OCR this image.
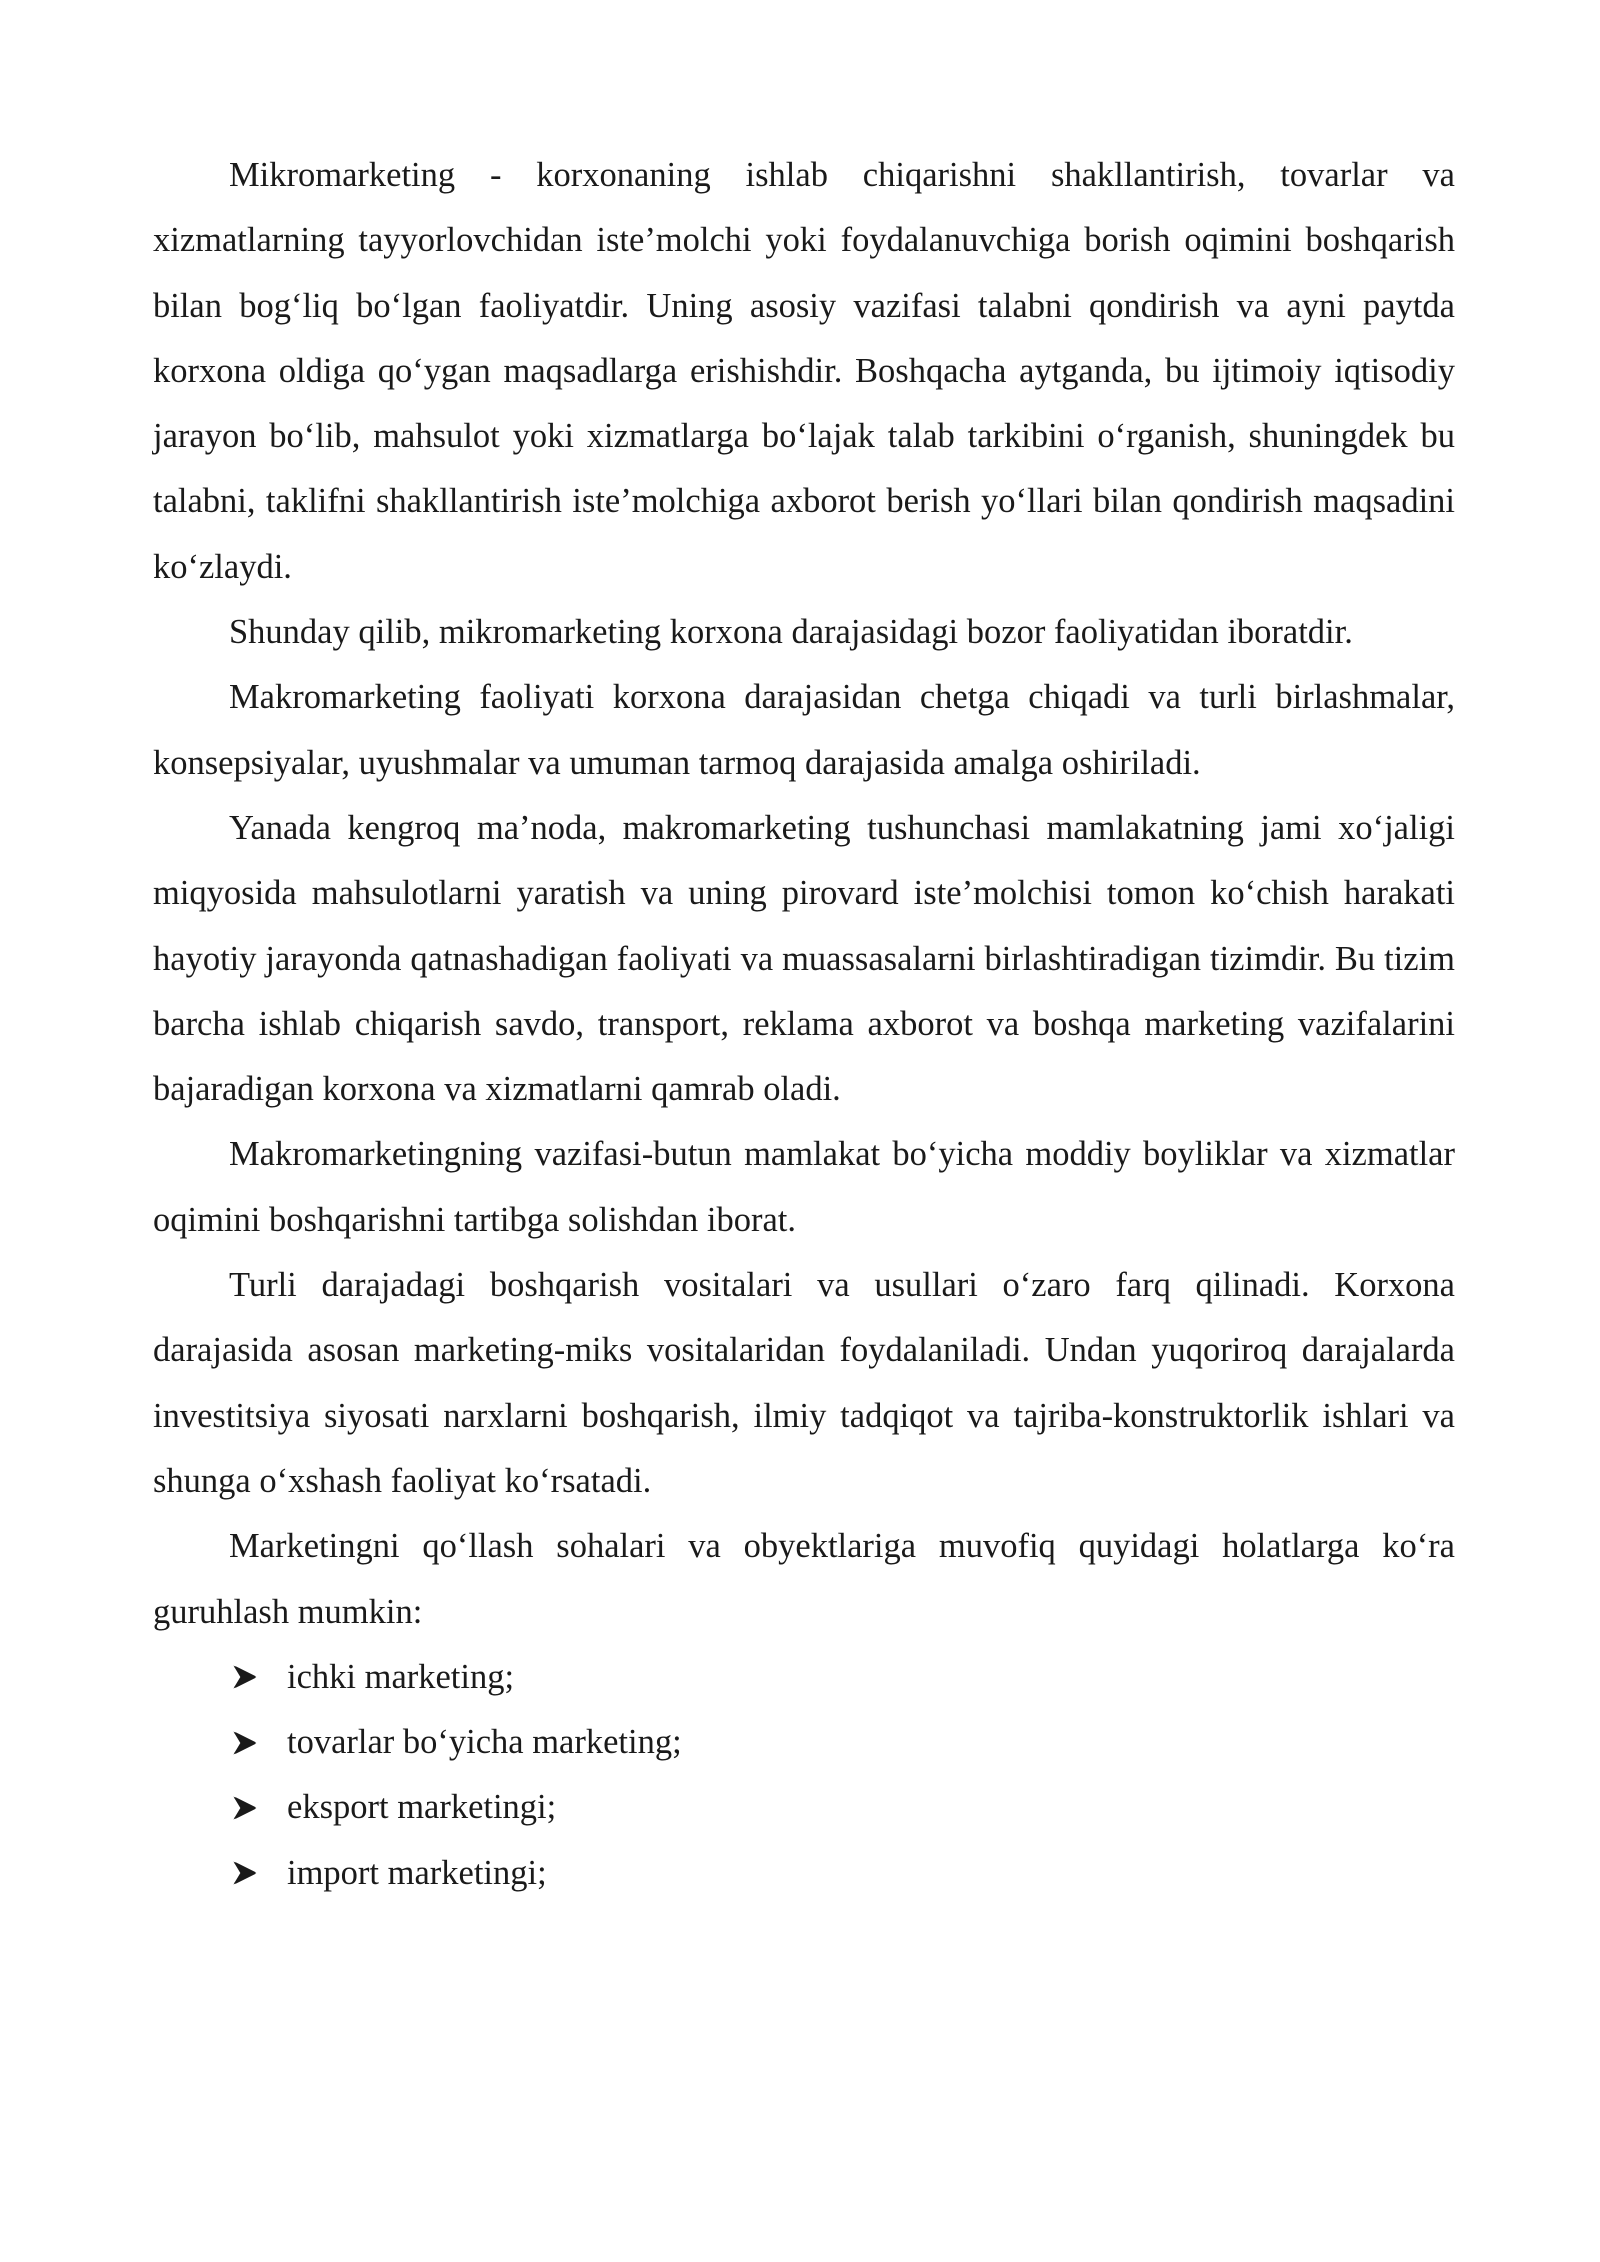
Mikromarketing - korxonaning ishlab chiqarishni shakllantirish, tovarlar va xizmatlarning tayyorlovchidan iste’molchi yoki foydalanuvchiga borish oqimini boshqarish bilan bog‘liq bo‘lgan faoliyatdir. Uning asosiy vazifasi talabni qondirish va ayni paytda korxona oldiga qo‘ygan maqsadlarga erishishdir. Boshqacha aytganda, bu ijtimoiy iqtisodiy jarayon bo‘lib, mahsulot yoki xizmatlarga bo‘lajak talab tarkibini o‘rganish, shuningdek bu talabni, taklifni shakllantirish iste’molchiga axborot berish yo‘llari bilan qondirish maqsadini ko‘zlaydi.

Shunday qilib, mikromarketing korxona darajasidagi bozor faoliyatidan iboratdir.

Makromarketing faoliyati korxona darajasidan chetga chiqadi va turli birlashmalar, konsepsiyalar, uyushmalar va umuman tarmoq darajasida amalga oshiriladi.

Yanada kengroq ma’noda, makromarketing tushunchasi mamlakatning jami xo‘jaligi miqyosida mahsulotlarni yaratish va uning pirovard iste’molchisi tomon ko‘chish harakati hayotiy jarayonda qatnashadigan faoliyati va muassasalarni birlashtiradigan tizimdir. Bu tizim barcha ishlab chiqarish savdo, transport, reklama axborot va boshqa marketing vazifalarini bajaradigan korxona va xizmatlarni qamrab oladi.

Makromarketingning vazifasi-butun mamlakat bo‘yicha moddiy boyliklar va xizmatlar oqimini boshqarishni tartibga solishdan iborat.

Turli darajadagi boshqarish vositalari va usullari o‘zaro farq qilinadi. Korxona darajasida asosan marketing-miks vositalaridan foydalaniladi. Undan yuqoriroq darajalarda investitsiya siyosati narxlarni boshqarish, ilmiy tadqiqot va tajriba-konstruktorlik ishlari va shunga o‘xshash faoliyat ko‘rsatadi.

Marketingni qo‘llash sohalari va obyektlariga muvofiq quyidagi holatlarga ko‘ra guruhlash mumkin:

ichki marketing;
tovarlar bo‘yicha marketing;
eksport marketingi;
import marketingi;
